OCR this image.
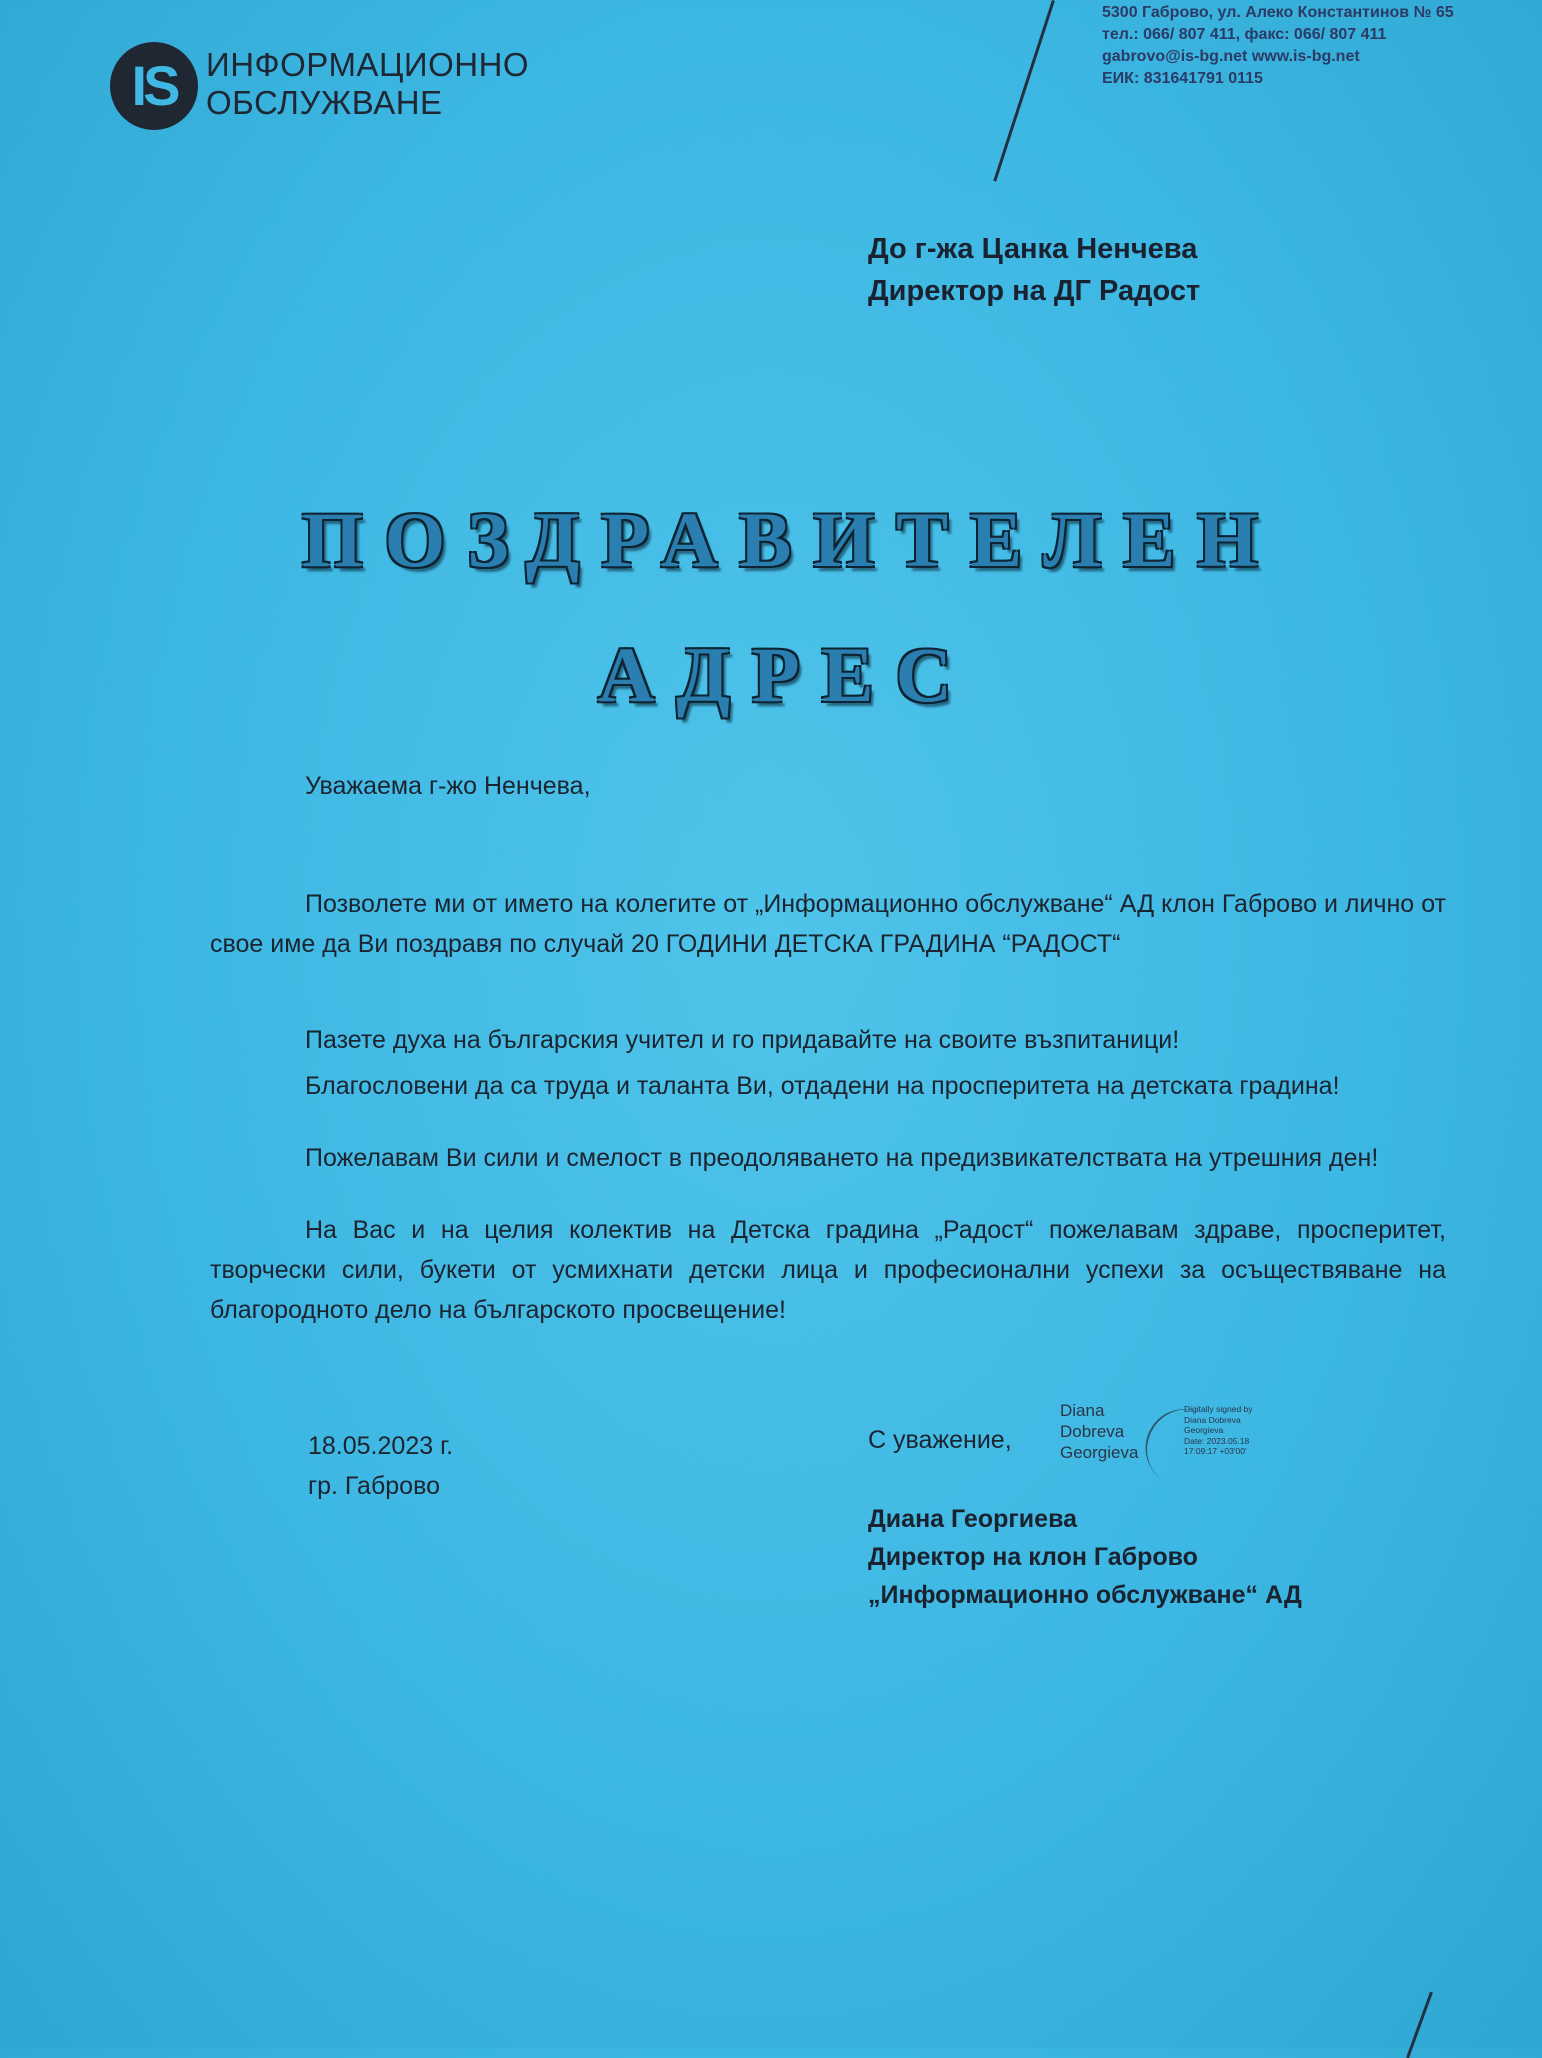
IS ИНФОРМАЦИОННО
ОБСЛУЖВАНЕ
5300 Габрово, ул. Алеко Константинов № 65
тел.: 066/ 807 411, факс: 066/ 807 411
gabrovo@is-bg.net www.is-bg.net
ЕИК: 831641791 0115
До г-жа Цанка Ненчева
Директор на ДГ Радост
ПОЗДРАВИТЕЛЕН
АДРЕС
Уважаема г-жо Ненчева,
Позволете ми от името на колегите от „Информационно обслужване“ АД клон Габрово и лично от свое име да Ви поздравя по случай 20 ГОДИНИ ДЕТСКА ГРАДИНА “РАДОСТ“
Пазете духа на българския учител и го придавайте на своите възпитаници!
Благословени да са труда и таланта Ви, отдадени на просперитета на детската градина!
Пожелавам Ви сили и смелост в преодоляването на предизвикателствата на утрешния ден!
На Вас и на целия колектив на Детска градина „Радост“ пожелавам здраве, просперитет, творчески сили, букети от усмихнати детски лица и професионални успехи за осъществяване на благородното дело на българското просвещение!
18.05.2023 г.
гр. Габрово
С уважение,
Diana
Dobreva
Georgieva
Digitally signed by
Diana Dobreva
Georgieva
Date: 2023.05.18
17:09:17 +03'00'
Диана Георгиева
Директор на клон Габрово
„Информационно обслужване“ АД
